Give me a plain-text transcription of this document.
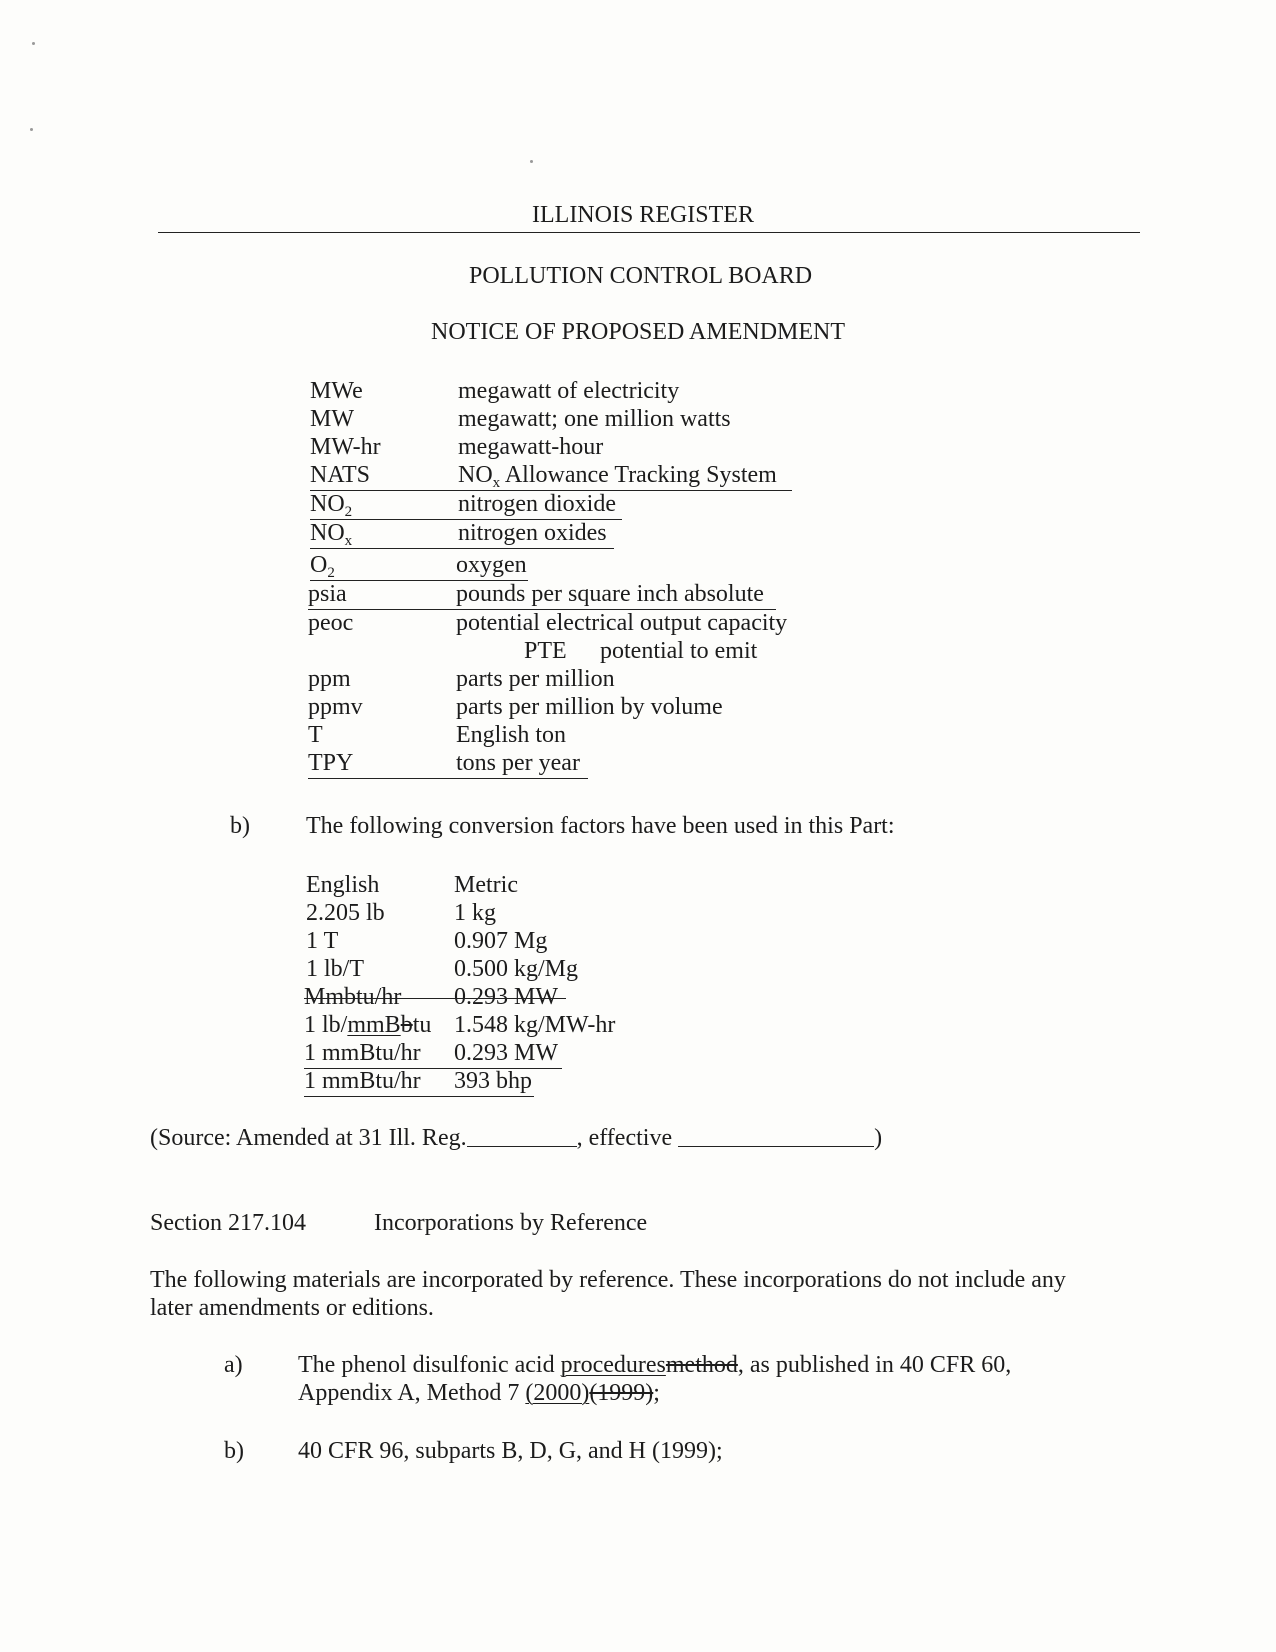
ILLINOIS REGISTER
POLLUTION CONTROL BOARD
NOTICE OF PROPOSED AMENDMENT
MWe	megawatt of electricity
MW	megawatt; one million watts
MW-hr	megawatt-hour
NATS	$NO_x$ Allowance Tracking System
$NO_2$	nitrogen dioxide
$NO_x$	nitrogen oxides
$O_2$	oxygen
psia	pounds per square inch absolute
peoc	potential electrical output capacity
PTE potential to emit
ppm	parts per million
ppmv	parts per million by volume
T	English ton
TPY	tons per year
b) The following conversion factors have been used in this Part:
English	Metric
2.205 lb	1 kg
1 T	0.907 Mg
1 lb/T	0.500 kg/Mg
Mmbtu/hr 0.293 MW
1 lb/mmBbtu 1.548 kg/MW-hr
1 mmBtu/hr 0.293 MW
1 mmBtu/hr 393 bhp
(Source: Amended at 31 Ill. Reg.	, effective	)
Section 217.104	Incorporations by Reference
The following materials are incorporated by reference. These incorporations do not include any
later amendments or editions.
a) The phenol disulfonic acid proceduresmethod, as published in 40 CFR 60,
Appendix A, Method 7 (2000)(1999);
b) 40 CFR 96, subparts B, D, G, and H (1999);
